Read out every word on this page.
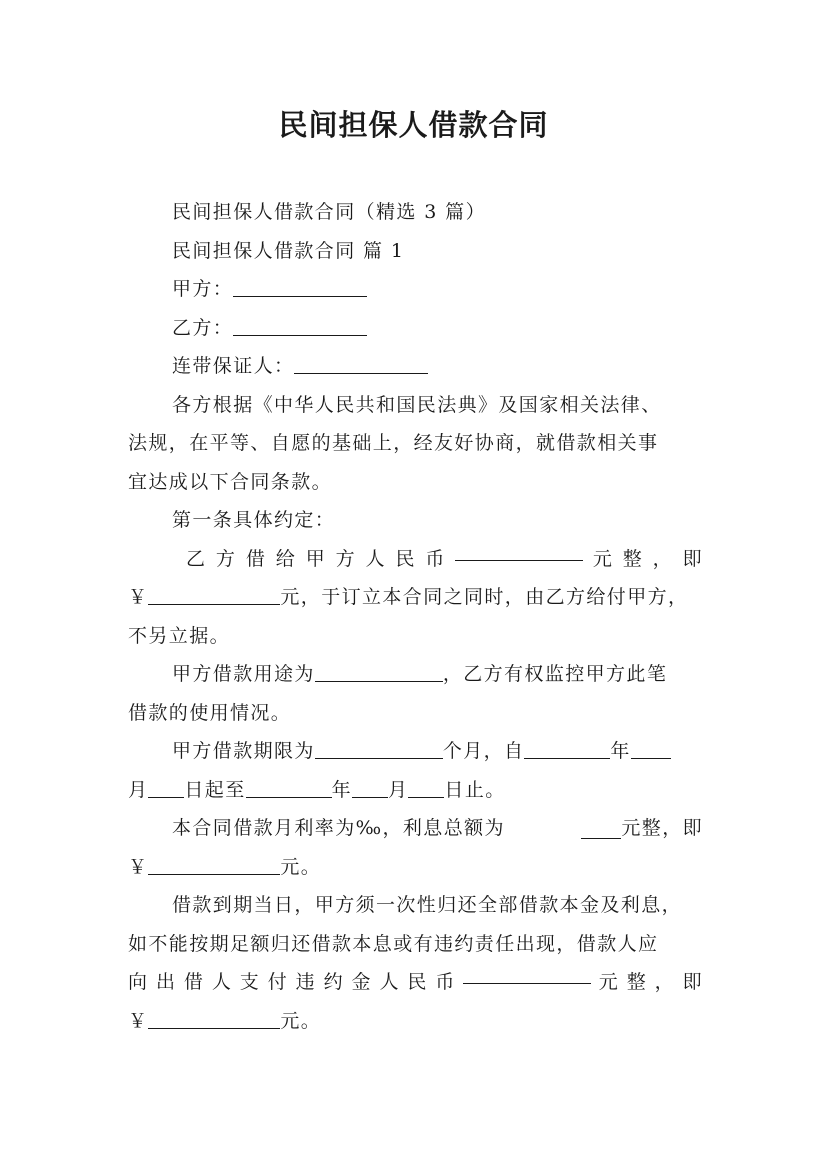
民间担保人借款合同
民间担保人借款合同（精选 3 篇）
民间担保人借款合同 篇 1
甲方：
乙方：
连带保证人：
各方根据《中华人民共和国民法典》及国家相关法律、
法规，在平等、自愿的基础上，经友好协商，就借款相关事
宜达成以下合同条款。
第一条具体约定：
乙 方 借 给 甲 方 人 民 币	元 整 ， 即
￥	元，于订立本合同之同时，由乙方给付甲方，
不另立据。
甲方借款用途为	，乙方有权监控甲方此笔
借款的使用情况。
甲方借款期限为	个月，自	年
月 日起至	年 月 日止。
本合同借款月利率为‰，利息总额为	元整，即
￥	元。
借款到期当日，甲方须一次性归还全部借款本金及利息，
如不能按期足额归还借款本息或有违约责任出现，借款人应
向 出 借 人 支 付 违 约 金 人 民 币	元 整 ， 即
￥	元。
